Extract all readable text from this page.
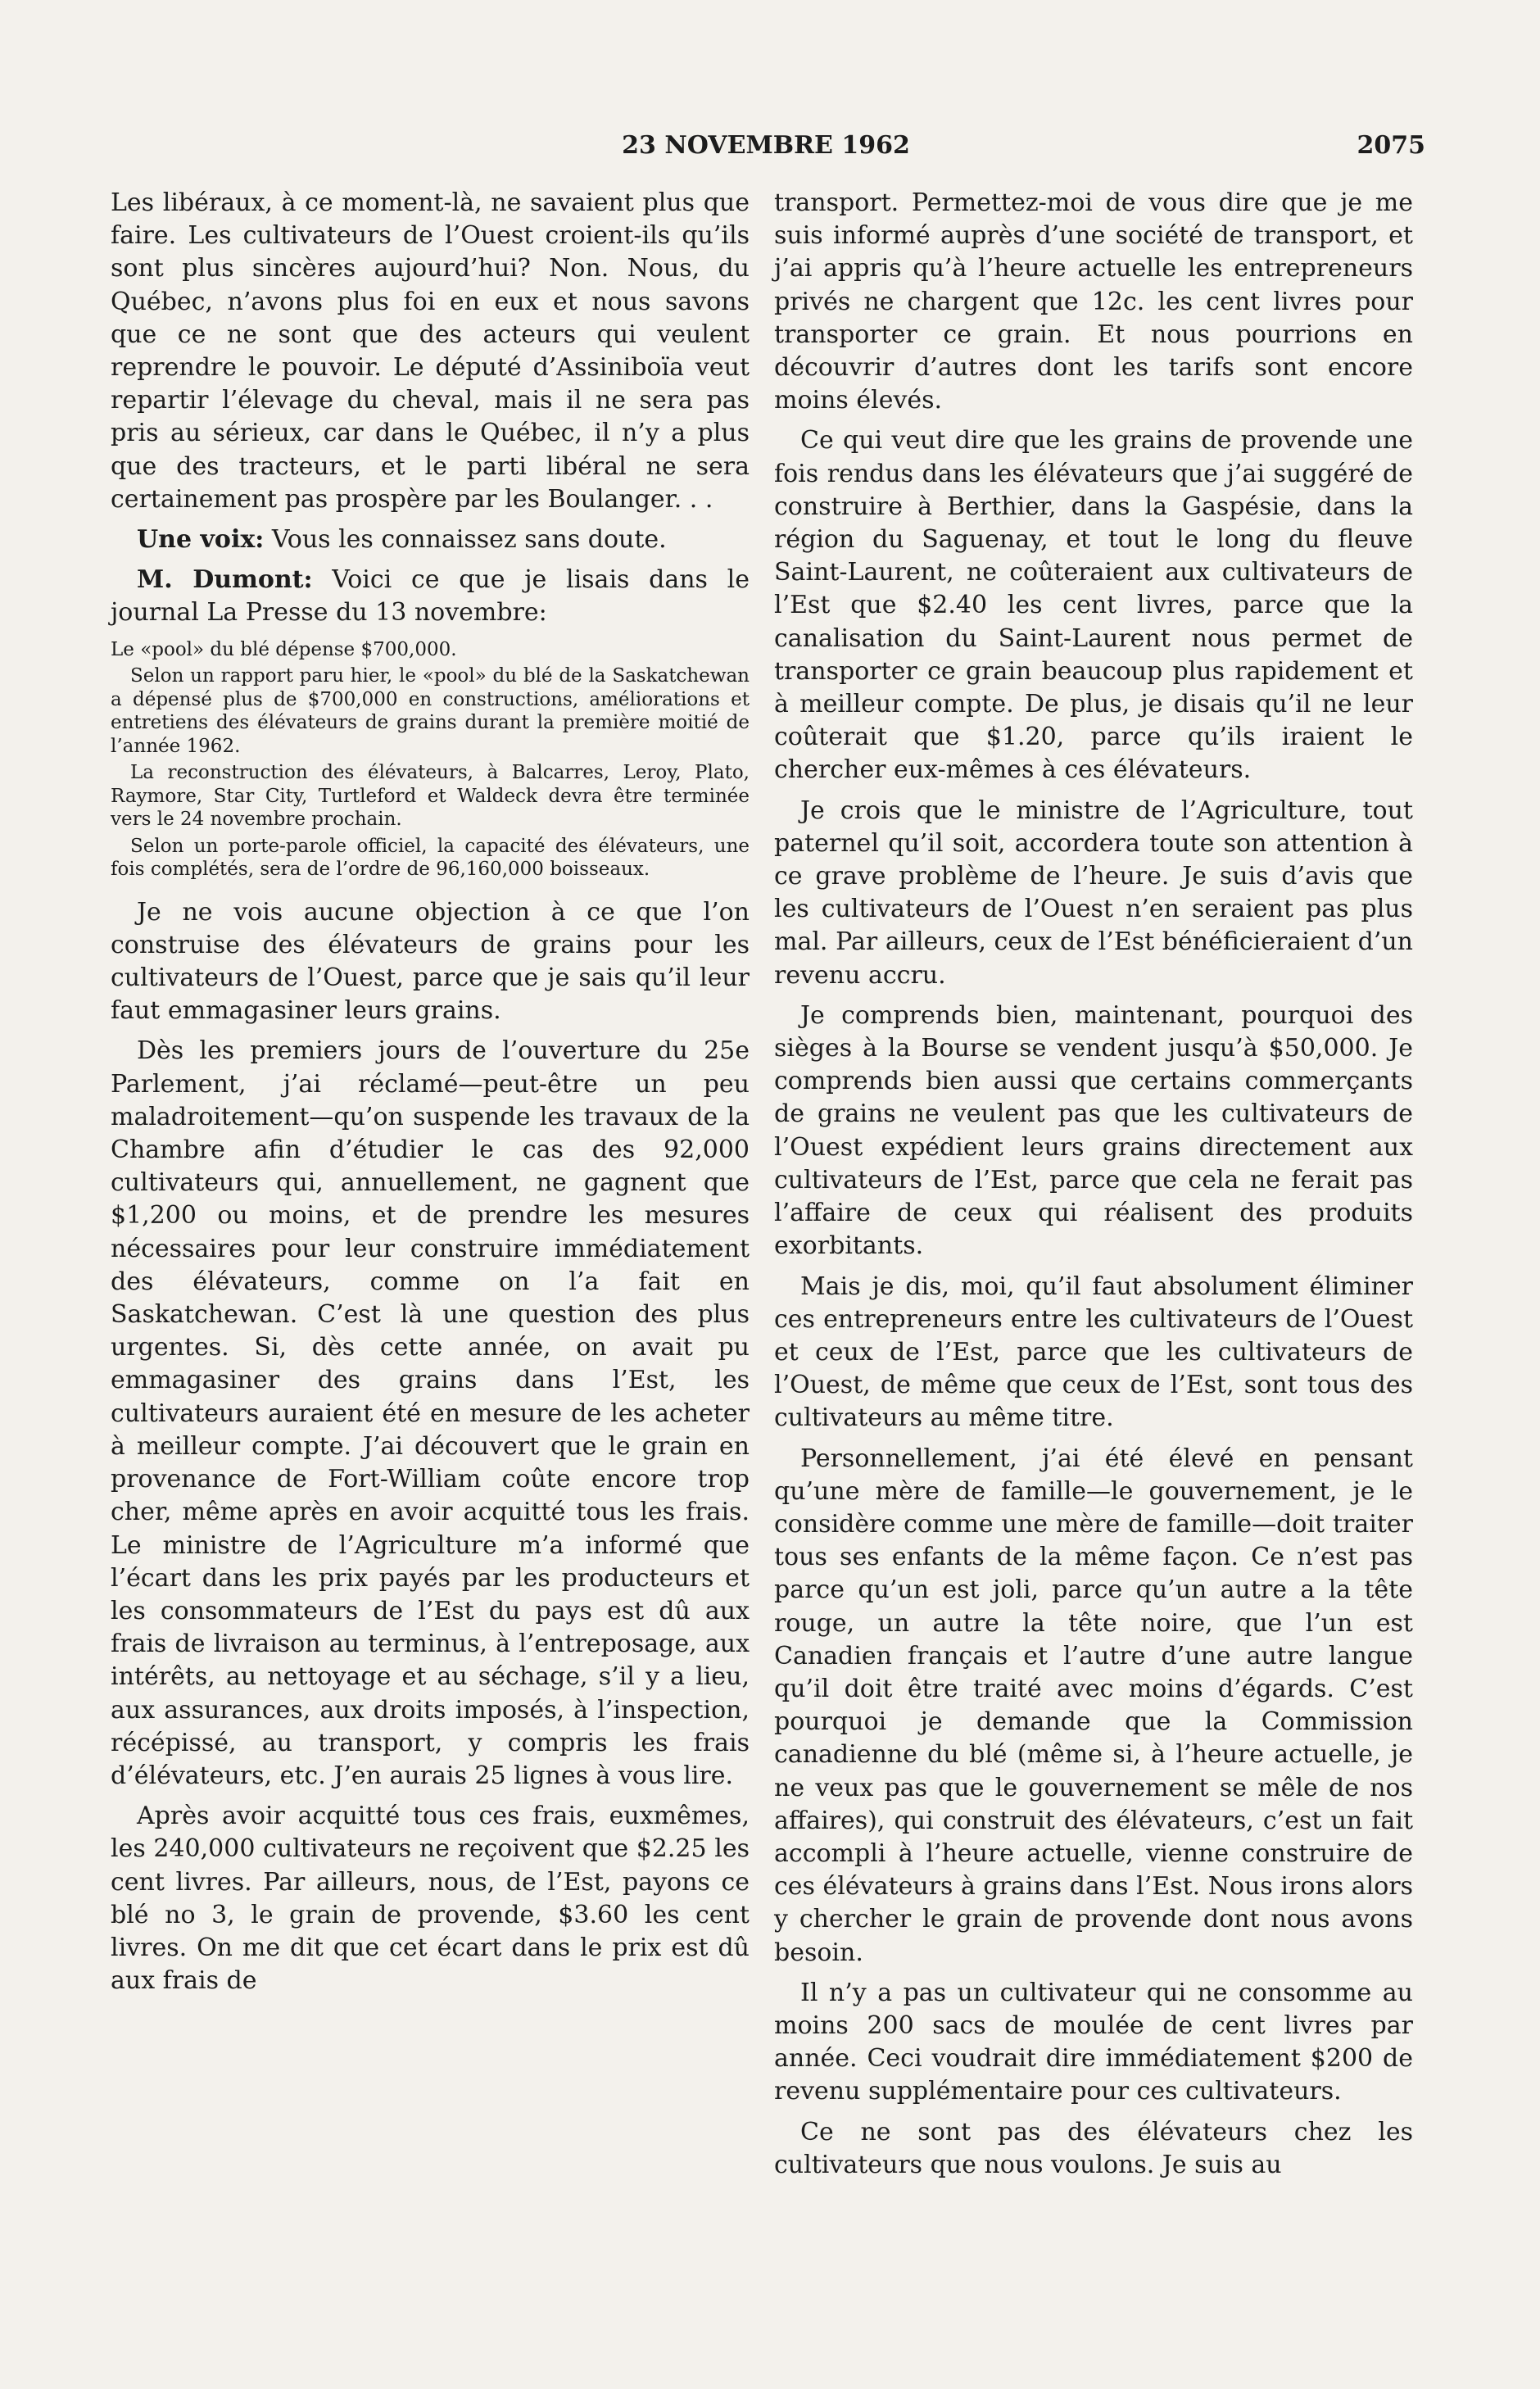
23 NOVEMBRE 1962	2075

Les libéraux, à ce moment-là, ne savaient plus que faire. Les cultivateurs de l’Ouest croient-ils qu’ils sont plus sincères aujourd’hui? Non. Nous, du Québec, n’avons plus foi en eux et nous savons que ce ne sont que des acteurs qui veulent reprendre le pouvoir. Le député d’Assiniboïa veut repartir l’élevage du cheval, mais il ne sera pas pris au sérieux, car dans le Québec, il n’y a plus que des tracteurs, et le parti libéral ne sera certainement pas prospère par les Boulanger. . .

Une voix: Vous les connaissez sans doute.

M. Dumont: Voici ce que je lisais dans le journal La Presse du 13 novembre:

Le «pool» du blé dépense $700,000.

Selon un rapport paru hier, le «pool» du blé de la Saskatchewan a dépensé plus de $700,000 en constructions, améliorations et entretiens des élévateurs de grains durant la première moitié de l’année 1962.

La reconstruction des élévateurs, à Balcarres, Leroy, Plato, Raymore, Star City, Turtleford et Waldeck devra être terminée vers le 24 novembre prochain.

Selon un porte-parole officiel, la capacité des élévateurs, une fois complétés, sera de l’ordre de 96,160,000 boisseaux.

Je ne vois aucune objection à ce que l’on construise des élévateurs de grains pour les cultivateurs de l’Ouest, parce que je sais qu’il leur faut emmagasiner leurs grains.

Dès les premiers jours de l’ouverture du 25e Parlement, j’ai réclamé—peut-être un peu maladroitement—qu’on suspende les travaux de la Chambre afin d’étudier le cas des 92,000 cultivateurs qui, annuellement, ne gagnent que $1,200 ou moins, et de prendre les mesures nécessaires pour leur construire immédiatement des élévateurs, comme on l’a fait en Saskatchewan. C’est là une question des plus urgentes. Si, dès cette année, on avait pu emmagasiner des grains dans l’Est, les cultivateurs auraient été en mesure de les acheter à meilleur compte. J’ai découvert que le grain en provenance de Fort-William coûte encore trop cher, même après en avoir acquitté tous les frais. Le ministre de l’Agriculture m’a informé que l’écart dans les prix payés par les producteurs et les consommateurs de l’Est du pays est dû aux frais de livraison au terminus, à l’entreposage, aux intérêts, au nettoyage et au séchage, s’il y a lieu, aux assurances, aux droits imposés, à l’inspection, récépissé, au transport, y compris les frais d’élévateurs, etc. J’en aurais 25 lignes à vous lire.

Après avoir acquitté tous ces frais, euxmêmes, les 240,000 cultivateurs ne reçoivent que $2.25 les cent livres. Par ailleurs, nous, de l’Est, payons ce blé no 3, le grain de provende, $3.60 les cent livres. On me dit que cet écart dans le prix est dû aux frais de

transport. Permettez-moi de vous dire que je me suis informé auprès d’une société de transport, et j’ai appris qu’à l’heure actuelle les entrepreneurs privés ne chargent que 12c. les cent livres pour transporter ce grain. Et nous pourrions en découvrir d’autres dont les tarifs sont encore moins élevés.

Ce qui veut dire que les grains de provende une fois rendus dans les élévateurs que j’ai suggéré de construire à Berthier, dans la Gaspésie, dans la région du Saguenay, et tout le long du fleuve Saint-Laurent, ne coûteraient aux cultivateurs de l’Est que $2.40 les cent livres, parce que la canalisation du Saint-Laurent nous permet de transporter ce grain beaucoup plus rapidement et à meilleur compte. De plus, je disais qu’il ne leur coûterait que $1.20, parce qu’ils iraient le chercher eux-mêmes à ces élévateurs.

Je crois que le ministre de l’Agriculture, tout paternel qu’il soit, accordera toute son attention à ce grave problème de l’heure. Je suis d’avis que les cultivateurs de l’Ouest n’en seraient pas plus mal. Par ailleurs, ceux de l’Est bénéficieraient d’un revenu accru.

Je comprends bien, maintenant, pourquoi des sièges à la Bourse se vendent jusqu’à $50,000. Je comprends bien aussi que certains commerçants de grains ne veulent pas que les cultivateurs de l’Ouest expédient leurs grains directement aux cultivateurs de l’Est, parce que cela ne ferait pas l’affaire de ceux qui réalisent des produits exorbitants.

Mais je dis, moi, qu’il faut absolument éliminer ces entrepreneurs entre les cultivateurs de l’Ouest et ceux de l’Est, parce que les cultivateurs de l’Ouest, de même que ceux de l’Est, sont tous des cultivateurs au même titre.

Personnellement, j’ai été élevé en pensant qu’une mère de famille—le gouvernement, je le considère comme une mère de famille—doit traiter tous ses enfants de la même façon. Ce n’est pas parce qu’un est joli, parce qu’un autre a la tête rouge, un autre la tête noire, que l’un est Canadien français et l’autre d’une autre langue qu’il doit être traité avec moins d’égards. C’est pourquoi je demande que la Commission canadienne du blé (même si, à l’heure actuelle, je ne veux pas que le gouvernement se mêle de nos affaires), qui construit des élévateurs, c’est un fait accompli à l’heure actuelle, vienne construire de ces élévateurs à grains dans l’Est. Nous irons alors y chercher le grain de provende dont nous avons besoin.

Il n’y a pas un cultivateur qui ne consomme au moins 200 sacs de moulée de cent livres par année. Ceci voudrait dire immédiatement $200 de revenu supplémentaire pour ces cultivateurs.

Ce ne sont pas des élévateurs chez les cultivateurs que nous voulons. Je suis au
